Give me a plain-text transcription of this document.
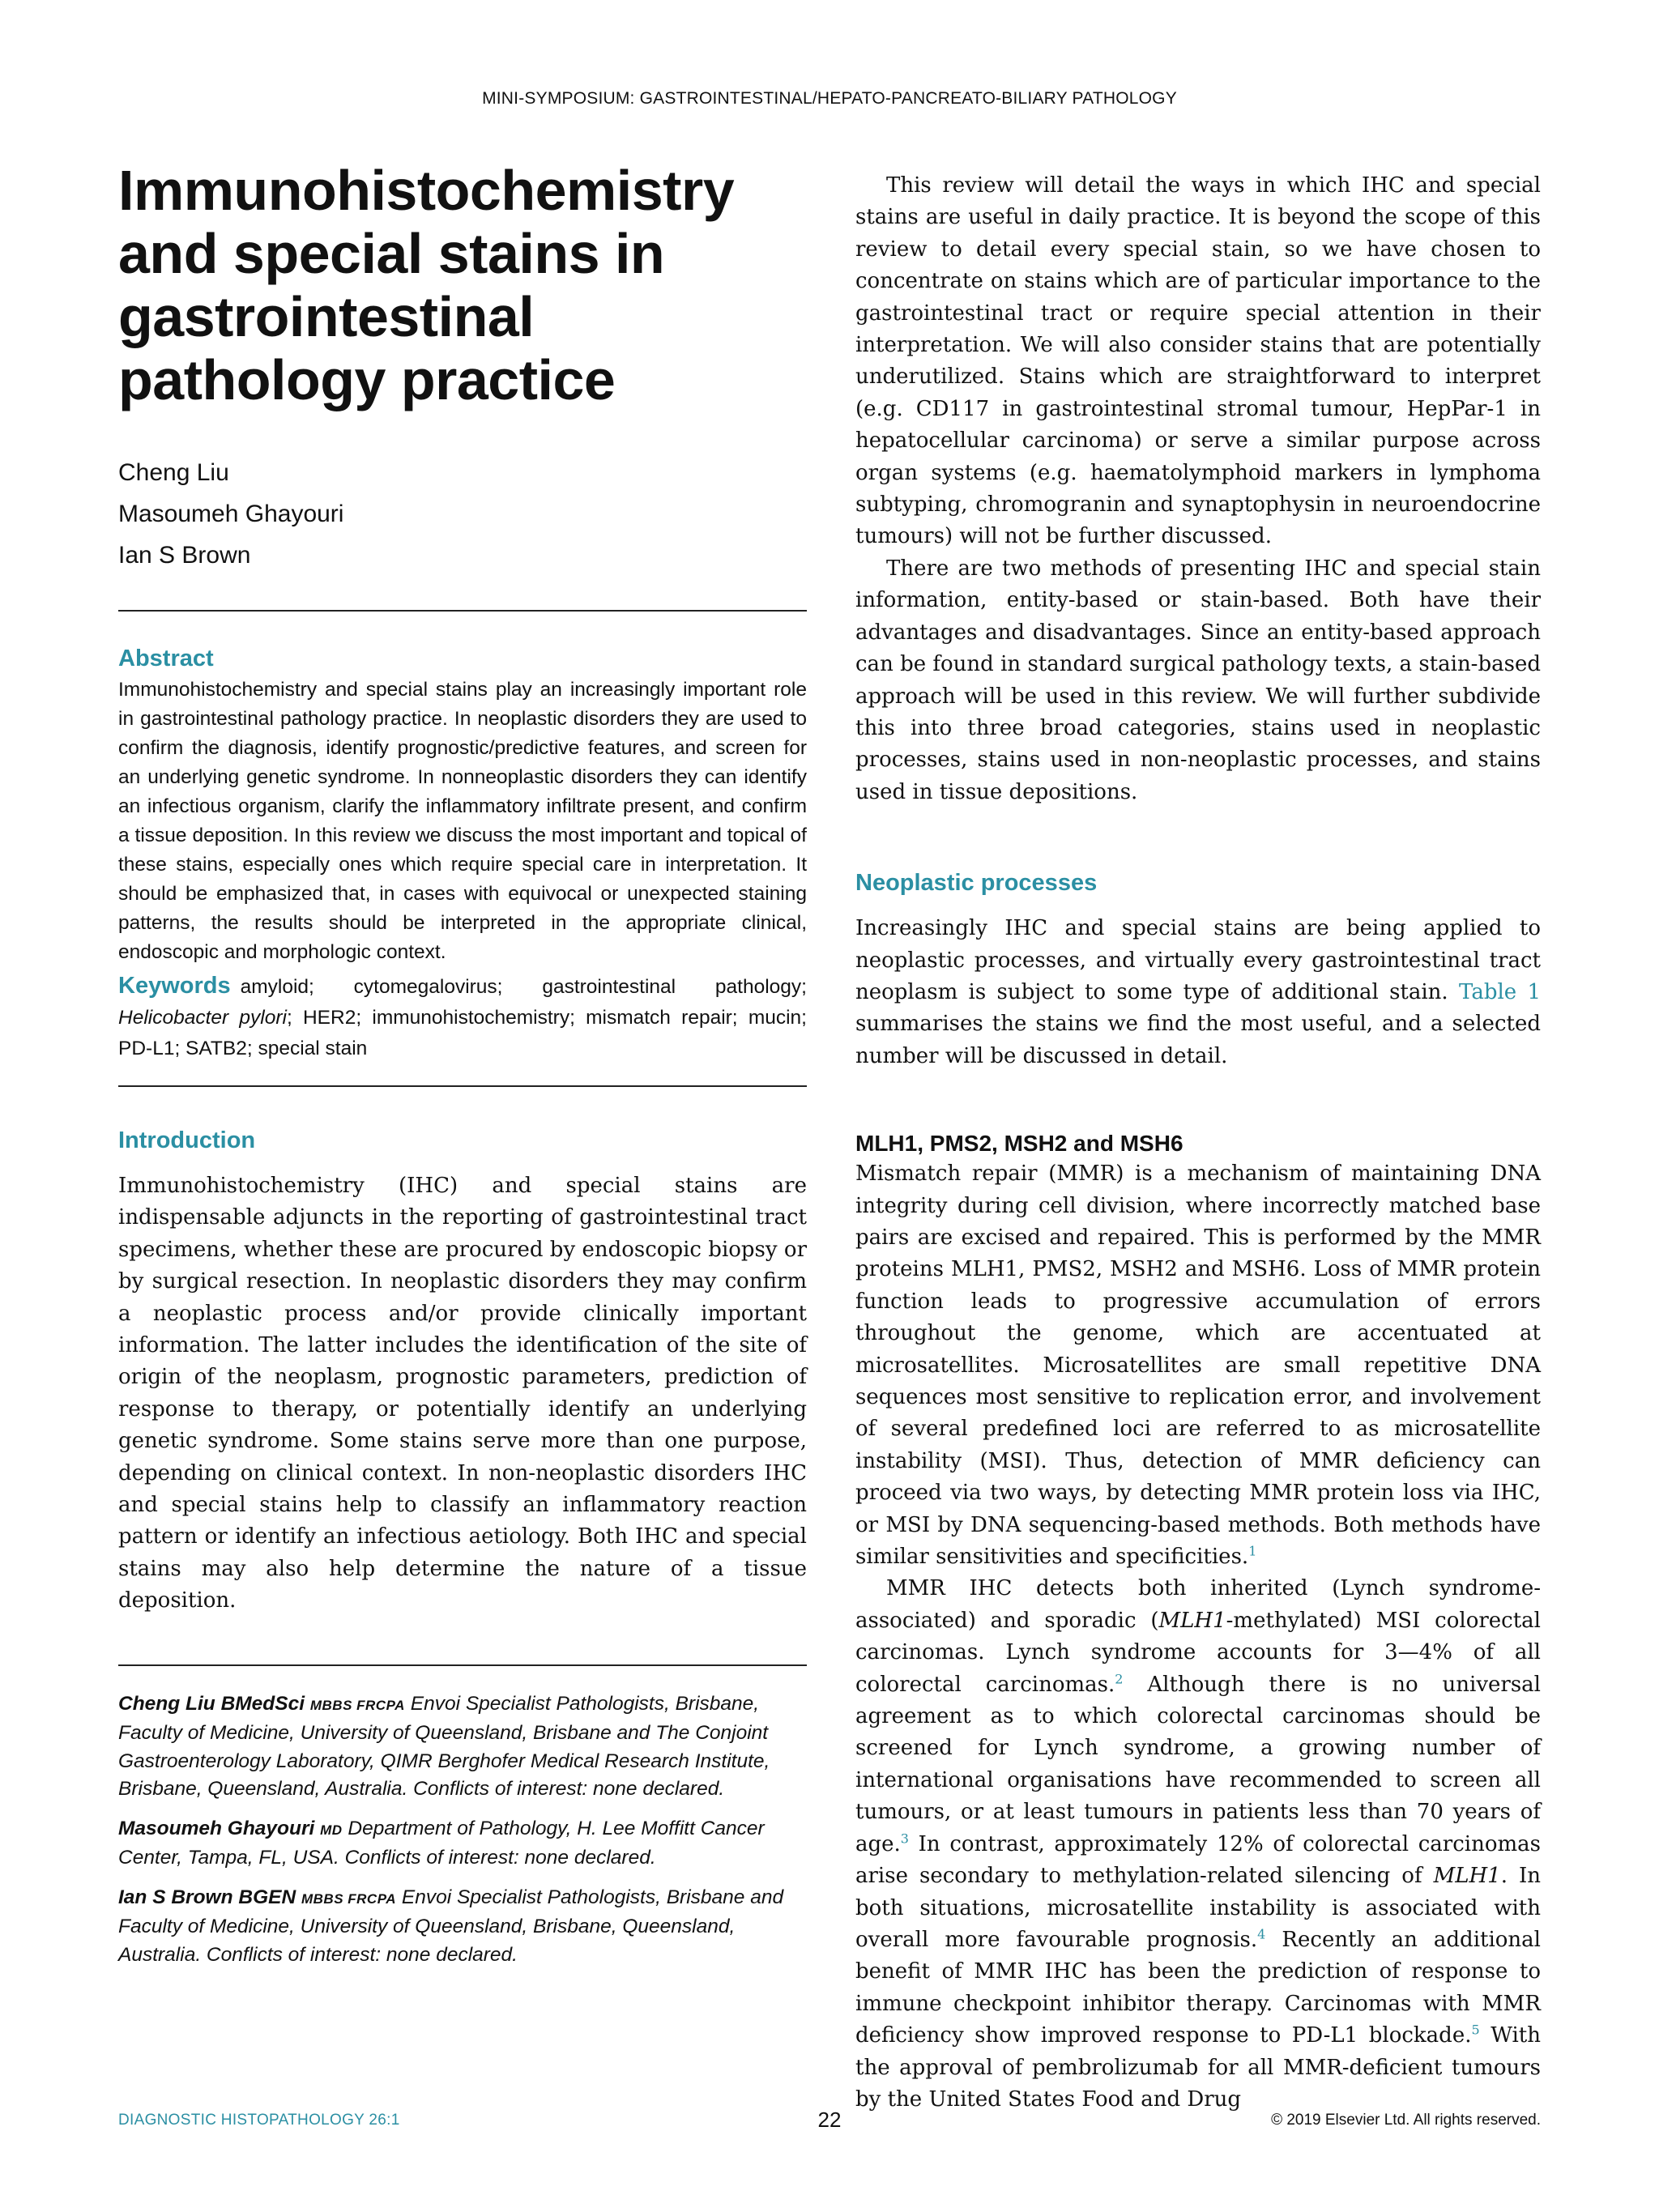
MINI-SYMPOSIUM: GASTROINTESTINAL/HEPATO-PANCREATO-BILIARY PATHOLOGY
Immunohistochemistry and special stains in gastrointestinal pathology practice
Cheng Liu
Masoumeh Ghayouri
Ian S Brown
Abstract

Immunohistochemistry and special stains play an increasingly important role in gastrointestinal pathology practice. In neoplastic disorders they are used to confirm the diagnosis, identify prognostic/predictive features, and screen for an underlying genetic syndrome. In nonneoplastic disorders they can identify an infectious organism, clarify the inflammatory infiltrate present, and confirm a tissue deposition. In this review we discuss the most important and topical of these stains, especially ones which require special care in interpretation. It should be emphasized that, in cases with equivocal or unexpected staining patterns, the results should be interpreted in the appropriate clinical, endoscopic and morphologic context.

Keywords amyloid; cytomegalovirus; gastrointestinal pathology; Helicobacter pylori; HER2; immunohistochemistry; mismatch repair; mucin; PD-L1; SATB2; special stain

Introduction

Immunohistochemistry (IHC) and special stains are indispensable adjuncts in the reporting of gastrointestinal tract specimens, whether these are procured by endoscopic biopsy or by surgical resection. In neoplastic disorders they may confirm a neoplastic process and/or provide clinically important information. The latter includes the identification of the site of origin of the neoplasm, prognostic parameters, prediction of response to therapy, or potentially identify an underlying genetic syndrome. Some stains serve more than one purpose, depending on clinical context. In non-neoplastic disorders IHC and special stains help to classify an inflammatory reaction pattern or identify an infectious aetiology. Both IHC and special stains may also help determine the nature of a tissue deposition.

Cheng Liu BMedSci MBBS FRCPA Envoi Specialist Pathologists, Brisbane, Faculty of Medicine, University of Queensland, Brisbane and The Conjoint Gastroenterology Laboratory, QIMR Berghofer Medical Research Institute, Brisbane, Queensland, Australia. Conflicts of interest: none declared.

Masoumeh Ghayouri MD Department of Pathology, H. Lee Moffitt Cancer Center, Tampa, FL, USA. Conflicts of interest: none declared.

Ian S Brown BGEN MBBS FRCPA Envoi Specialist Pathologists, Brisbane and Faculty of Medicine, University of Queensland, Brisbane, Queensland, Australia. Conflicts of interest: none declared.

This review will detail the ways in which IHC and special stains are useful in daily practice. It is beyond the scope of this review to detail every special stain, so we have chosen to concentrate on stains which are of particular importance to the gastrointestinal tract or require special attention in their interpretation. We will also consider stains that are potentially underutilized. Stains which are straightforward to interpret (e.g. CD117 in gastrointestinal stromal tumour, HepPar-1 in hepatocellular carcinoma) or serve a similar purpose across organ systems (e.g. haematolymphoid markers in lymphoma subtyping, chromogranin and synaptophysin in neuroendocrine tumours) will not be further discussed.

There are two methods of presenting IHC and special stain information, entity-based or stain-based. Both have their advantages and disadvantages. Since an entity-based approach can be found in standard surgical pathology texts, a stain-based approach will be used in this review. We will further subdivide this into three broad categories, stains used in neoplastic processes, stains used in non-neoplastic processes, and stains used in tissue depositions.

Neoplastic processes

Increasingly IHC and special stains are being applied to neoplastic processes, and virtually every gastrointestinal tract neoplasm is subject to some type of additional stain. Table 1 summarises the stains we find the most useful, and a selected number will be discussed in detail.

MLH1, PMS2, MSH2 and MSH6

Mismatch repair (MMR) is a mechanism of maintaining DNA integrity during cell division, where incorrectly matched base pairs are excised and repaired. This is performed by the MMR proteins MLH1, PMS2, MSH2 and MSH6. Loss of MMR protein function leads to progressive accumulation of errors throughout the genome, which are accentuated at microsatellites. Microsatellites are small repetitive DNA sequences most sensitive to replication error, and involvement of several predefined loci are referred to as microsatellite instability (MSI). Thus, detection of MMR deficiency can proceed via two ways, by detecting MMR protein loss via IHC, or MSI by DNA sequencing-based methods. Both methods have similar sensitivities and specificities.$^1$

MMR IHC detects both inherited (Lynch syndrome-associated) and sporadic (MLH1-methylated) MSI colorectal carcinomas. Lynch syndrome accounts for 3—4% of all colorectal carcinomas.$^2$ Although there is no universal agreement as to which colorectal carcinomas should be screened for Lynch syndrome, a growing number of international organisations have recommended to screen all tumours, or at least tumours in patients less than 70 years of age.$^3$ In contrast, approximately 12% of colorectal carcinomas arise secondary to methylation-related silencing of MLH1. In both situations, microsatellite instability is associated with overall more favourable prognosis.$^4$ Recently an additional benefit of MMR IHC has been the prediction of response to immune checkpoint inhibitor therapy. Carcinomas with MMR deficiency show improved response to PD-L1 blockade.$^5$ With the approval of pembrolizumab for all MMR-deficient tumours by the United States Food and Drug

DIAGNOSTIC HISTOPATHOLOGY 26:1	22	© 2019 Elsevier Ltd. All rights reserved.
